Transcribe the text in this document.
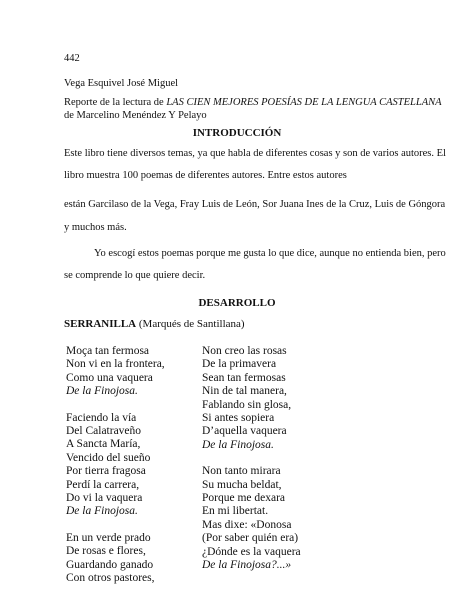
442
Vega Esquivel José Miguel
Reporte de la lectura de LAS CIEN MEJORES POESÍAS DE LA LENGUA CASTELLANA
de Marcelino Menéndez Y Pelayo
INTRODUCCIÓN
Este libro tiene diversos temas, ya que habla de diferentes cosas y son de varios autores. El
libro muestra 100 poemas de diferentes autores. Entre estos autores
están Garcilaso de la Vega, Fray Luis de León, Sor Juana Ines de la Cruz, Luis de Góngora
y muchos más.
Yo escogí estos poemas porque me gusta lo que dice, aunque no entienda bien, pero
se comprende lo que quiere decir.
DESARROLLO
SERRANILLA (Marqués de Santillana)
Moça tan fermosa
Non vi en la frontera,
Como una vaquera
De la Finojosa.
Faciendo la vía
Del Calatraveño
A Sancta María,
Vencido del sueño
Por tierra fragosa
Perdí la carrera,
Do vi la vaquera
De la Finojosa.
En un verde prado
De rosas e flores,
Guardando ganado
Con otros pastores,
Non creo las rosas
De la primavera
Sean tan fermosas
Nin de tal manera,
Fablando sin glosa,
Si antes sopiera
D’aquella vaquera
De la Finojosa.
Non tanto mirara
Su mucha beldat,
Porque me dexara
En mi libertat.
Mas dixe: «Donosa
(Por saber quién era)
¿Dónde es la vaquera
De la Finojosa?...»
